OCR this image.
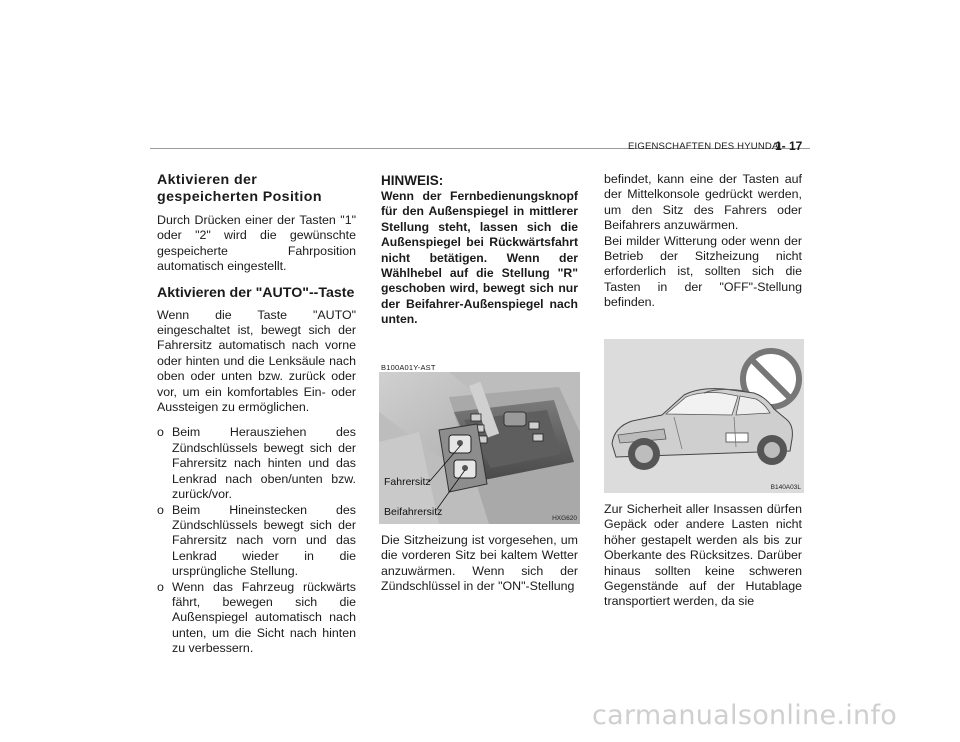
EIGENSCHAFTEN DES HYUNDAI
1- 17
Aktivieren der gespeicherten Position

Durch Drücken einer der Tasten "1" oder "2" wird die gewünschte gespeicherte Fahrposition automatisch eingestellt.

Aktivieren der "AUTO"--Taste

Wenn die Taste "AUTO" eingeschaltet ist, bewegt sich der Fahrersitz automatisch nach vorne oder hinten und die Lenksäule nach oben oder unten bzw. zurück oder vor, um ein komfortables Ein- oder Aussteigen zu ermöglichen.

o Beim Herausziehen des Zündschlüssels bewegt sich der Fahrersitz nach hinten und das Lenkrad nach oben/unten bzw. zurück/vor.
o Beim Hineinstecken des Zündschlüssels bewegt sich der Fahrersitz nach vorn und das Lenkrad wieder in die ursprüngliche Stellung.
o Wenn das Fahrzeug rückwärts fährt, bewegen sich die Außenspiegel automatisch nach unten, um die Sicht nach hinten zu verbessern.
HINWEIS:

Wenn der Fernbedienungsknopf für den Außenspiegel in mittlerer Stellung steht, lassen sich die Außenspiegel bei Rückwärtsfahrt nicht betätigen. Wenn der Wählhebel auf die Stellung "R" geschoben wird, bewegt sich nur der Beifahrer-Außenspiegel nach unten.

B100A01Y-AST
Fahrersitz
Beifahrersitz
HXG620

Die Sitzheizung ist vorgesehen, um die vorderen Sitz bei kaltem Wetter anzuwärmen. Wenn sich der Zündschlüssel in der "ON"-Stellung

befindet, kann eine der Tasten auf der Mittelkonsole gedrückt werden, um den Sitz des Fahrers oder Beifahrers anzuwärmen.

Bei milder Witterung oder wenn der Betrieb der Sitzheizung nicht erforderlich ist, sollten sich die Tasten in der "OFF"-Stellung befinden.

B140A03L

Zur Sicherheit aller Insassen dürfen Gepäck oder andere Lasten nicht höher gestapelt werden als bis zur Oberkante des Rücksitzes. Darüber hinaus sollten keine schweren Gegenstände auf der Hutablage transportiert werden, da sie

carmanualsonline.info
